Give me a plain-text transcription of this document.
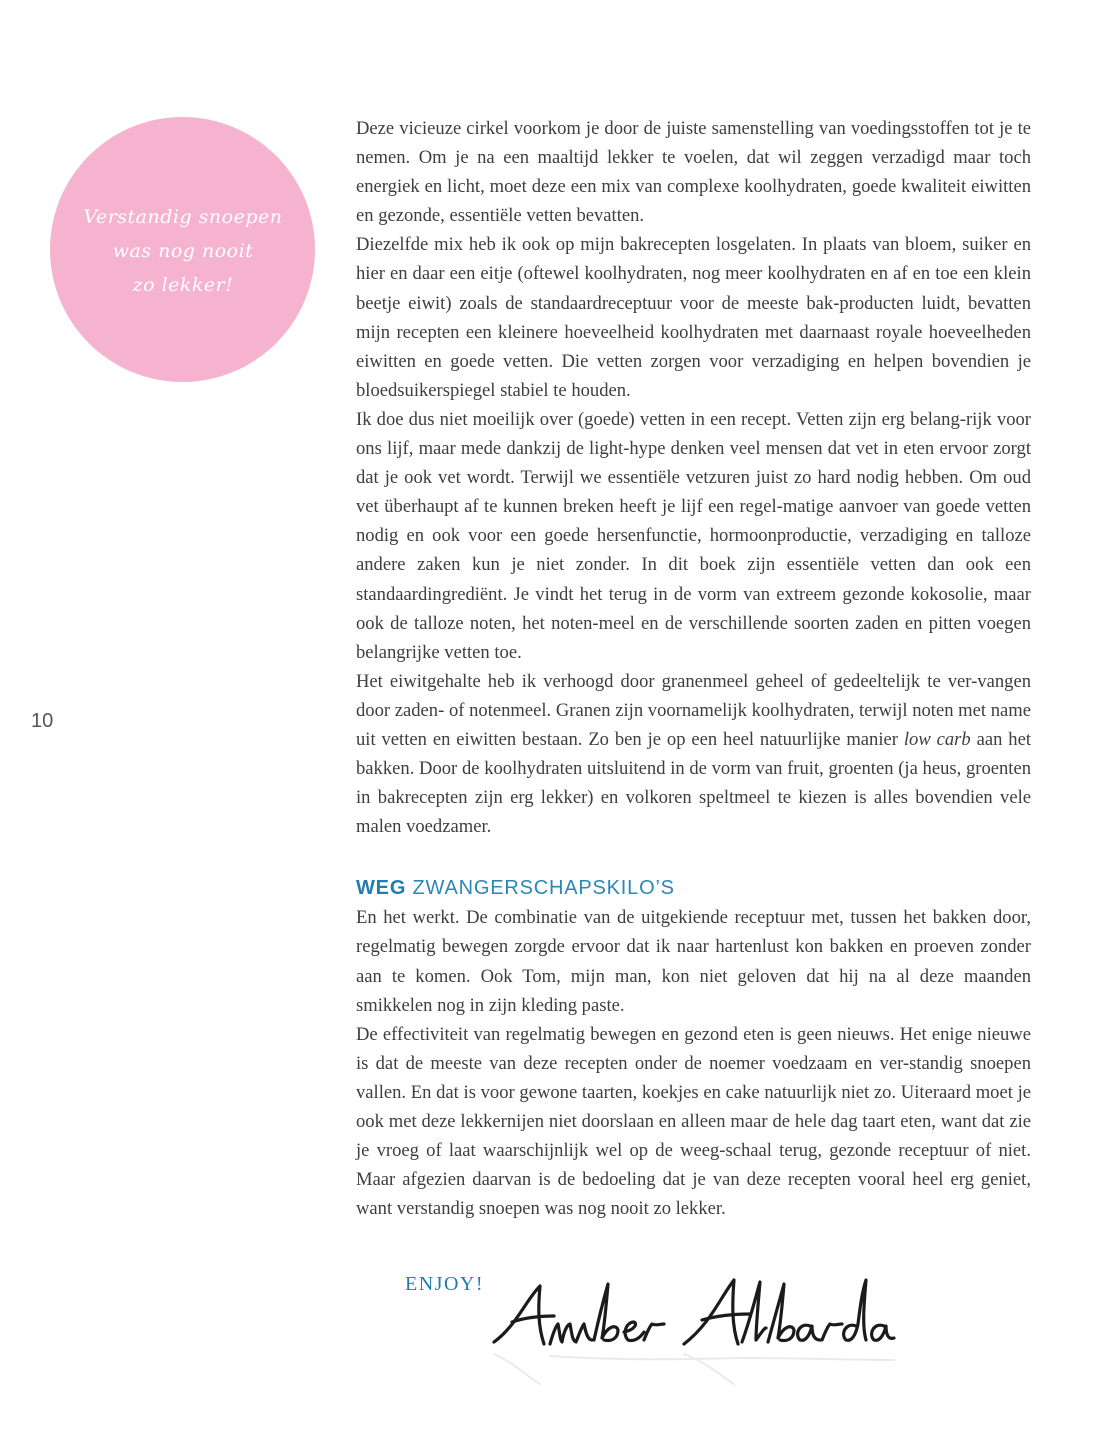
Verstandig snoepen
was nog nooit
zo lekker!

10

Deze vicieuze cirkel voorkom je door de juiste samenstelling van voedingsstoffen tot je te nemen. Om je na een maaltijd lekker te voelen, dat wil zeggen verzadigd maar toch energiek en licht, moet deze een mix van complexe koolhydraten, goede kwaliteit eiwitten en gezonde, essentiële vetten bevatten.

Diezelfde mix heb ik ook op mijn bakrecepten losgelaten. In plaats van bloem, suiker en hier en daar een eitje (oftewel koolhydraten, nog meer koolhydraten en af en toe een klein beetje eiwit) zoals de standaardreceptuur voor de meeste bak-producten luidt, bevatten mijn recepten een kleinere hoeveelheid koolhydraten met daarnaast royale hoeveelheden eiwitten en goede vetten. Die vetten zorgen voor verzadiging en helpen bovendien je bloedsuikerspiegel stabiel te houden.

Ik doe dus niet moeilijk over (goede) vetten in een recept. Vetten zijn erg belang-rijk voor ons lijf, maar mede dankzij de light-hype denken veel mensen dat vet in eten ervoor zorgt dat je ook vet wordt. Terwijl we essentiële vetzuren juist zo hard nodig hebben. Om oud vet überhaupt af te kunnen breken heeft je lijf een regel-matige aanvoer van goede vetten nodig en ook voor een goede hersenfunctie, hormoonproductie, verzadiging en talloze andere zaken kun je niet zonder. In dit boek zijn essentiële vetten dan ook een standaardingrediënt. Je vindt het terug in de vorm van extreem gezonde kokosolie, maar ook de talloze noten, het noten-meel en de verschillende soorten zaden en pitten voegen belangrijke vetten toe.

Het eiwitgehalte heb ik verhoogd door granenmeel geheel of gedeeltelijk te ver-vangen door zaden- of notenmeel. Granen zijn voornamelijk koolhydraten, terwijl noten met name uit vetten en eiwitten bestaan. Zo ben je op een heel natuurlijke manier low carb aan het bakken. Door de koolhydraten uitsluitend in de vorm van fruit, groenten (ja heus, groenten in bakrecepten zijn erg lekker) en volkoren speltmeel te kiezen is alles bovendien vele malen voedzamer.

WEG ZWANGERSCHAPSKILO’S

En het werkt. De combinatie van de uitgekiende receptuur met, tussen het bakken door, regelmatig bewegen zorgde ervoor dat ik naar hartenlust kon bakken en proeven zonder aan te komen. Ook Tom, mijn man, kon niet geloven dat hij na al deze maanden smikkelen nog in zijn kleding paste.

De effectiviteit van regelmatig bewegen en gezond eten is geen nieuws. Het enige nieuwe is dat de meeste van deze recepten onder de noemer voedzaam en ver-standig snoepen vallen. En dat is voor gewone taarten, koekjes en cake natuurlijk niet zo. Uiteraard moet je ook met deze lekkernijen niet doorslaan en alleen maar de hele dag taart eten, want dat zie je vroeg of laat waarschijnlijk wel op de weeg-schaal terug, gezonde receptuur of niet. Maar afgezien daarvan is de bedoeling dat je van deze recepten vooral heel erg geniet, want verstandig snoepen was nog nooit zo lekker.

ENJOY!
